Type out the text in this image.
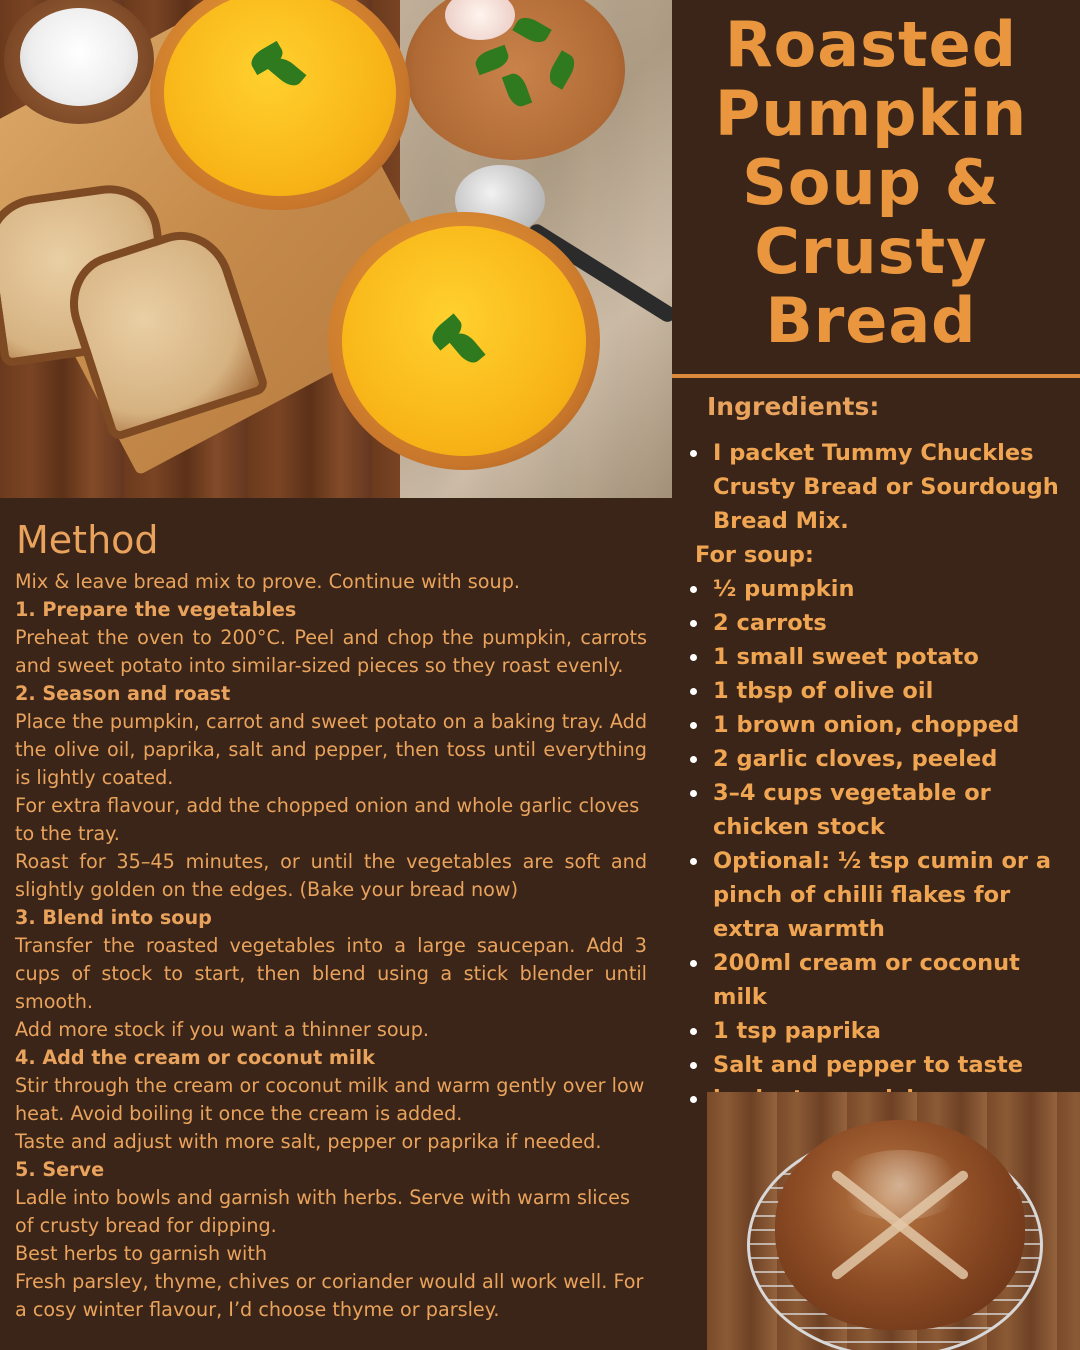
Roasted
Pumpkin
Soup &
Crusty
Bread
Ingredients:
I packet Tummy Chuckles Crusty Bread or Sourdough Bread Mix.
For soup:
½ pumpkin
2 carrots
1 small sweet potato
1 tbsp of olive oil
1 brown onion, chopped
2 garlic cloves, peeled
3–4 cups vegetable or chicken stock
Optional: ½ tsp cumin or a pinch of chilli flakes for extra warmth
200ml cream or coconut milk
1 tsp paprika
Salt and pepper to taste
Method

Mix & leave bread mix to prove. Continue with soup.

1. Prepare the vegetables

Preheat the oven to 200°C. Peel and chop the pumpkin, carrots and sweet potato into similar-sized pieces so they roast evenly.

2. Season and roast

Place the pumpkin, carrot and sweet potato on a baking tray. Add the olive oil, paprika, salt and pepper, then toss until everything is lightly coated.

For extra flavour, add the chopped onion and whole garlic cloves to the tray.

Roast for 35–45 minutes, or until the vegetables are soft and slightly golden on the edges. (Bake your bread now)

3. Blend into soup

Transfer the roasted vegetables into a large saucepan. Add 3 cups of stock to start, then blend using a stick blender until smooth.

Add more stock if you want a thinner soup.

4. Add the cream or coconut milk

Stir through the cream or coconut milk and warm gently over low heat. Avoid boiling it once the cream is added.

Taste and adjust with more salt, pepper or paprika if needed.

5. Serve

Ladle into bowls and garnish with herbs. Serve with warm slices of crusty bread for dipping.

Best herbs to garnish with

Fresh parsley, thyme, chives or coriander would all work well. For a cosy winter flavour, I’d choose thyme or parsley.
